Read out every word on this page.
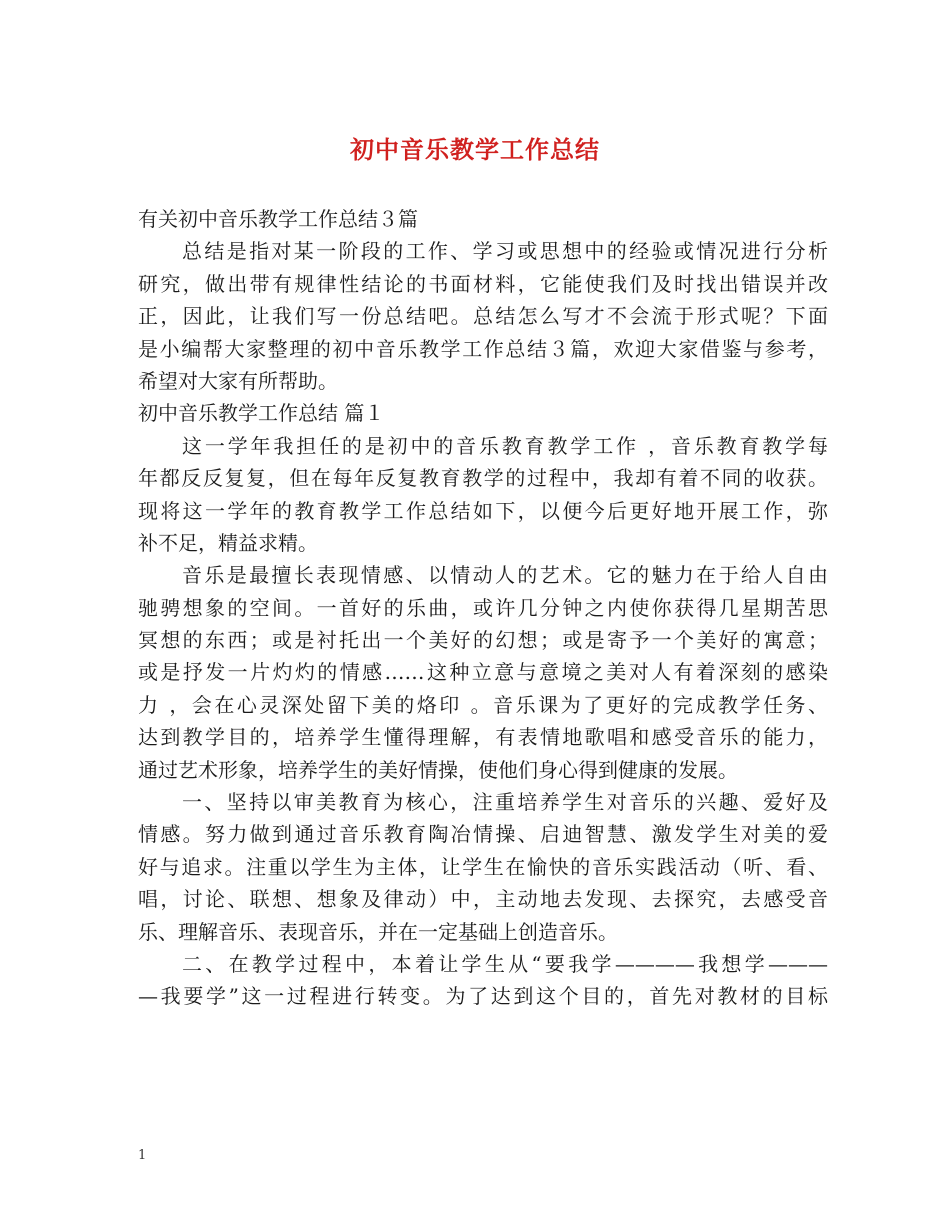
初中音乐教学工作总结
有关初中音乐教学工作总结３篇
总结是指对某一阶段的工作、学习或思想中的经验或情况进行分析
研究，做出带有规律性结论的书面材料，它能使我们及时找出错误并改
正，因此，让我们写一份总结吧。总结怎么写才不会流于形式呢？下面
是小编帮大家整理的初中音乐教学工作总结３篇，欢迎大家借鉴与参考，
希望对大家有所帮助。
初中音乐教学工作总结 篇１
这一学年我担任的是初中的音乐教育教学工作 ，音乐教育教学每
年都反反复复，但在每年反复教育教学的过程中，我却有着不同的收获。
现将这一学年的教育教学工作总结如下，以便今后更好地开展工作，弥
补不足，精益求精。
音乐是最擅长表现情感、以情动人的艺术。它的魅力在于给人自由
驰骋想象的空间。一首好的乐曲，或许几分钟之内使你获得几星期苦思
冥想的东西；或是衬托出一个美好的幻想；或是寄予一个美好的寓意；
或是抒发一片灼灼的情感……这种立意与意境之美对人有着深刻的感染
力 ，会在心灵深处留下美的烙印 。音乐课为了更好的完成教学任务、
达到教学目的，培养学生懂得理解，有表情地歌唱和感受音乐的能力，
通过艺术形象，培养学生的美好情操，使他们身心得到健康的发展。
一、坚持以审美教育为核心，注重培养学生对音乐的兴趣、爱好及
情感。努力做到通过音乐教育陶冶情操、启迪智慧、激发学生对美的爱
好与追求。注重以学生为主体，让学生在愉快的音乐实践活动（听、看、
唱，讨论、联想、想象及律动）中，主动地去发现、去探究，去感受音
乐、理解音乐、表现音乐，并在一定基础上创造音乐。
二、在教学过程中，本着让学生从“要我学————我想学———
—我要学”这一过程进行转变。为了达到这个目的，首先对教材的目标
1
